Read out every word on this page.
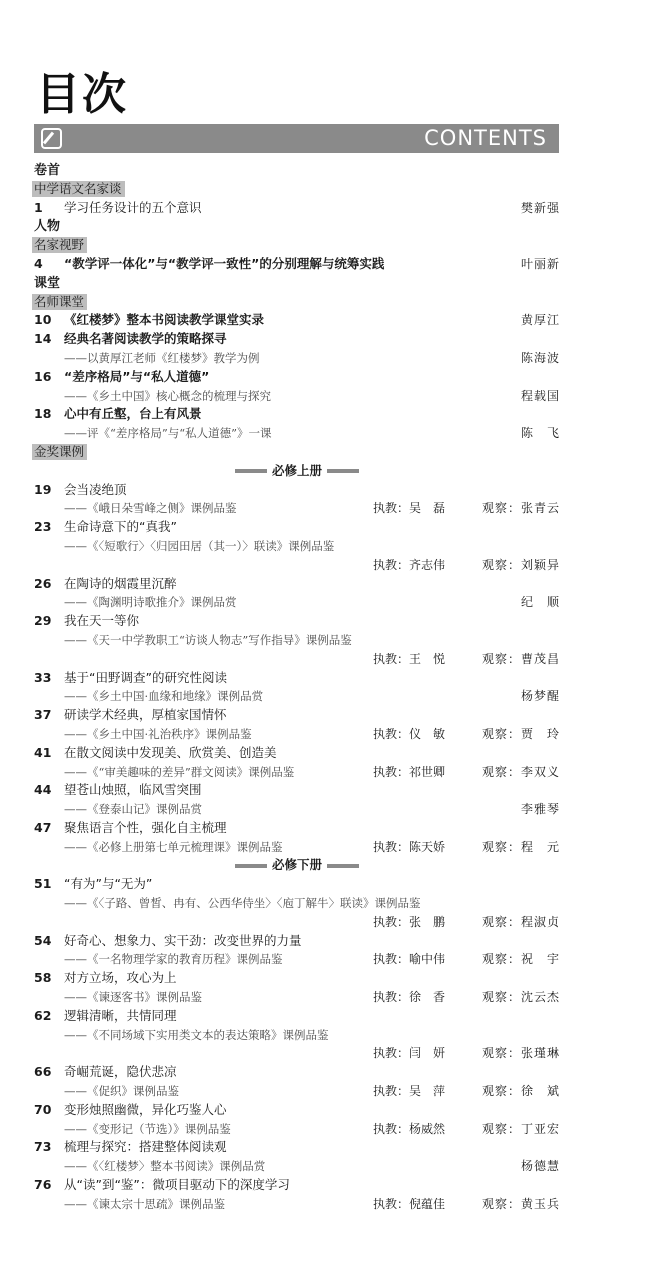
目次
CONTENTS
卷首
中学语文名家谈
1 学习任务设计的五个意识	樊新强
人物
名家视野
4 “教学评一体化”与“教学评一致性”的分别理解与统筹实践	叶丽新
课堂
名师课堂
10 《红楼梦》整本书阅读教学课堂实录	黄厚江
14 经典名著阅读教学的策略探寻
——以黄厚江老师《红楼梦》教学为例	陈海波
16 “差序格局”与“私人道德”
——《乡土中国》核心概念的梳理与探究	程载国
18 心中有丘壑，台上有风景
——评《“差序格局”与“私人道德”》一课	陈　飞
金奖课例
必修上册
19 会当凌绝顶
——《峨日朵雪峰之侧》课例品鉴	执教：吴　磊	观察：张青云
23 生命诗意下的“真我”
——《〈短歌行〉〈归园田居（其一）〉联读》课例品鉴
执教：齐志伟	观察：刘颖异
26 在陶诗的烟霞里沉醉
——《陶渊明诗歌推介》课例品赏	纪　顺
29 我在天一等你
——《天一中学教职工“访谈人物志”写作指导》课例品鉴
执教：王　悦	观察：曹茂昌
33 基于“田野调查”的研究性阅读
——《乡土中国·血缘和地缘》课例品赏	杨梦醒
37 研读学术经典，厚植家国情怀
——《乡土中国·礼治秩序》课例品鉴	执教：仪　敏	观察：贾　玲
41 在散文阅读中发现美、欣赏美、创造美
——《“审美趣味的差异”群文阅读》课例品鉴	执教：祁世卿	观察：李双义
44 望苍山烛照，临风雪突围
——《登泰山记》课例品赏	李雅琴
47 聚焦语言个性，强化自主梳理
——《必修上册第七单元梳理课》课例品鉴	执教：陈天娇	观察：程　元
必修下册
51 “有为”与“无为”
——《〈子路、曾皙、冉有、公西华侍坐〉〈庖丁解牛〉联读》课例品鉴
执教：张　鹏	观察：程淑贞
54 好奇心、想象力、实干劲：改变世界的力量
——《一名物理学家的教育历程》课例品鉴	执教：喻中伟	观察：祝　宇
58 对方立场，攻心为上
——《谏逐客书》课例品鉴	执教：徐　香	观察：沈云杰
62 逻辑清晰，共情同理
——《不同场域下实用类文本的表达策略》课例品鉴
执教：闫　妍	观察：张瑾琳
66 奇崛荒诞，隐伏悲凉
——《促织》课例品鉴	执教：吴　萍	观察：徐　斌
70 变形烛照幽微，异化巧鉴人心
——《变形记（节选）》课例品鉴	执教：杨威然	观察：丁亚宏
73 梳理与探究：搭建整体阅读观
——《〈红楼梦〉整本书阅读》课例品赏	杨德慧
76 从“读”到“鉴”：微项目驱动下的深度学习
——《谏太宗十思疏》课例品鉴	执教：倪蕴佳	观察：黄玉兵
